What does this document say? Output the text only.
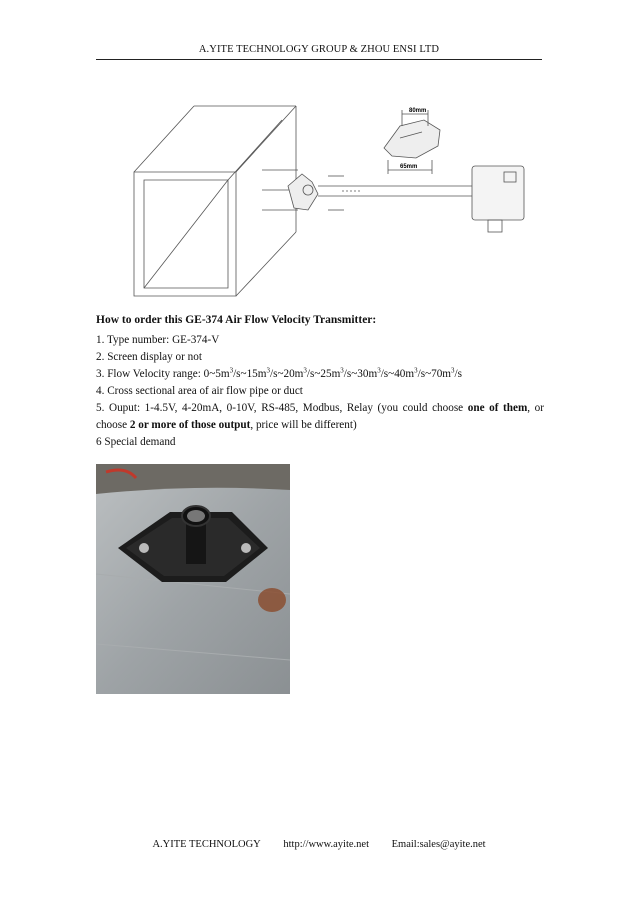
A.YITE TECHNOLOGY GROUP & ZHOU ENSI LTD
80mm
65mm
How to order this GE-374 Air Flow Velocity Transmitter:

1. Type number: GE-374-V

2. Screen display or not

3. Flow Velocity range: $0\sim 5m^3/s\sim 15m^3/s\sim 20m^3/s\sim 25m^3/s\sim 30m^3/s\sim 40m^3/s\sim 70m^3/s$

4. Cross sectional area of air flow pipe or duct

5. Ouput: 1-4.5V, 4-20mA, 0-10V, RS-485, Modbus, Relay (you could choose one of them, or choose 2 or more of those output, price will be different)

6 Special demand

A.YITE TECHNOLOGY http://www.ayite.net Email:sales@ayite.net
